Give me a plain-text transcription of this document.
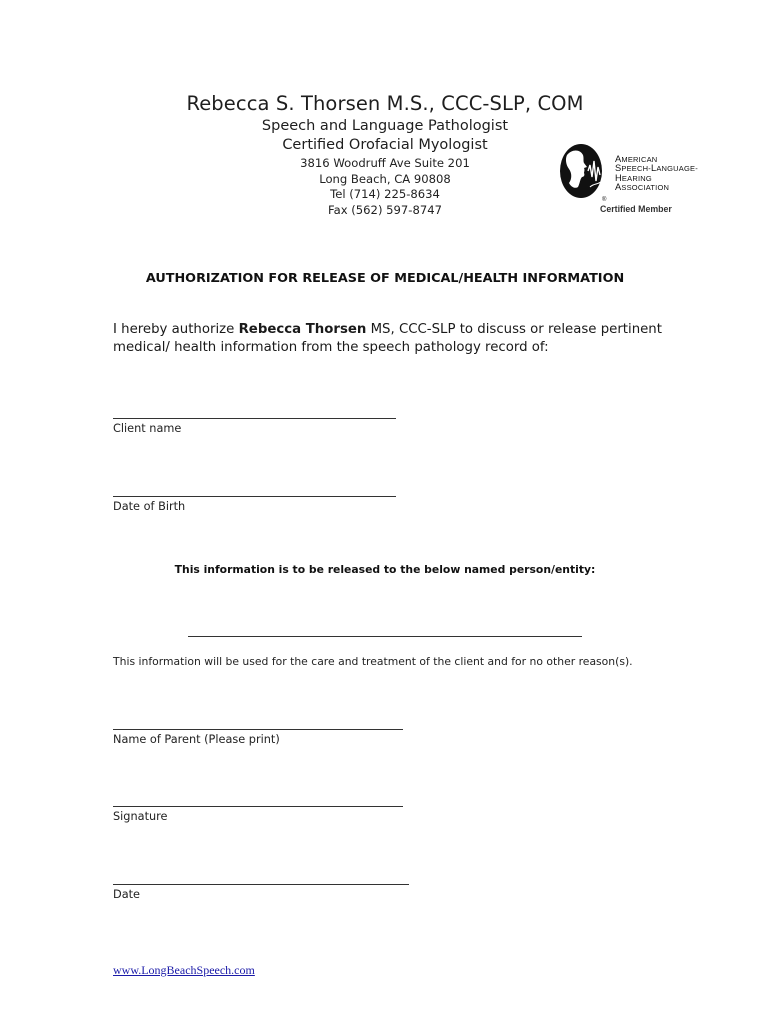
Rebecca S. Thorsen M.S., CCC-SLP, COM
Speech and Language Pathologist
Certified Orofacial Myologist
3816 Woodruff Ave Suite 201
Long Beach, CA 90808
Tel (714) 225-8634
Fax (562) 597-8747
®
AMERICAN
SPEECH-LANGUAGE-
HEARING
ASSOCIATION
Certified Member
AUTHORIZATION FOR RELEASE OF MEDICAL/HEALTH INFORMATION
I hereby authorize Rebecca Thorsen MS, CCC-SLP to discuss or release pertinent medical/ health information from the speech pathology record of:
Client name
Date of Birth
This information is to be released to the below named person/entity:
This information will be used for the care and treatment of the client and for no other reason(s).
Name of Parent (Please print)
Signature
Date
www.LongBeachSpeech.com
